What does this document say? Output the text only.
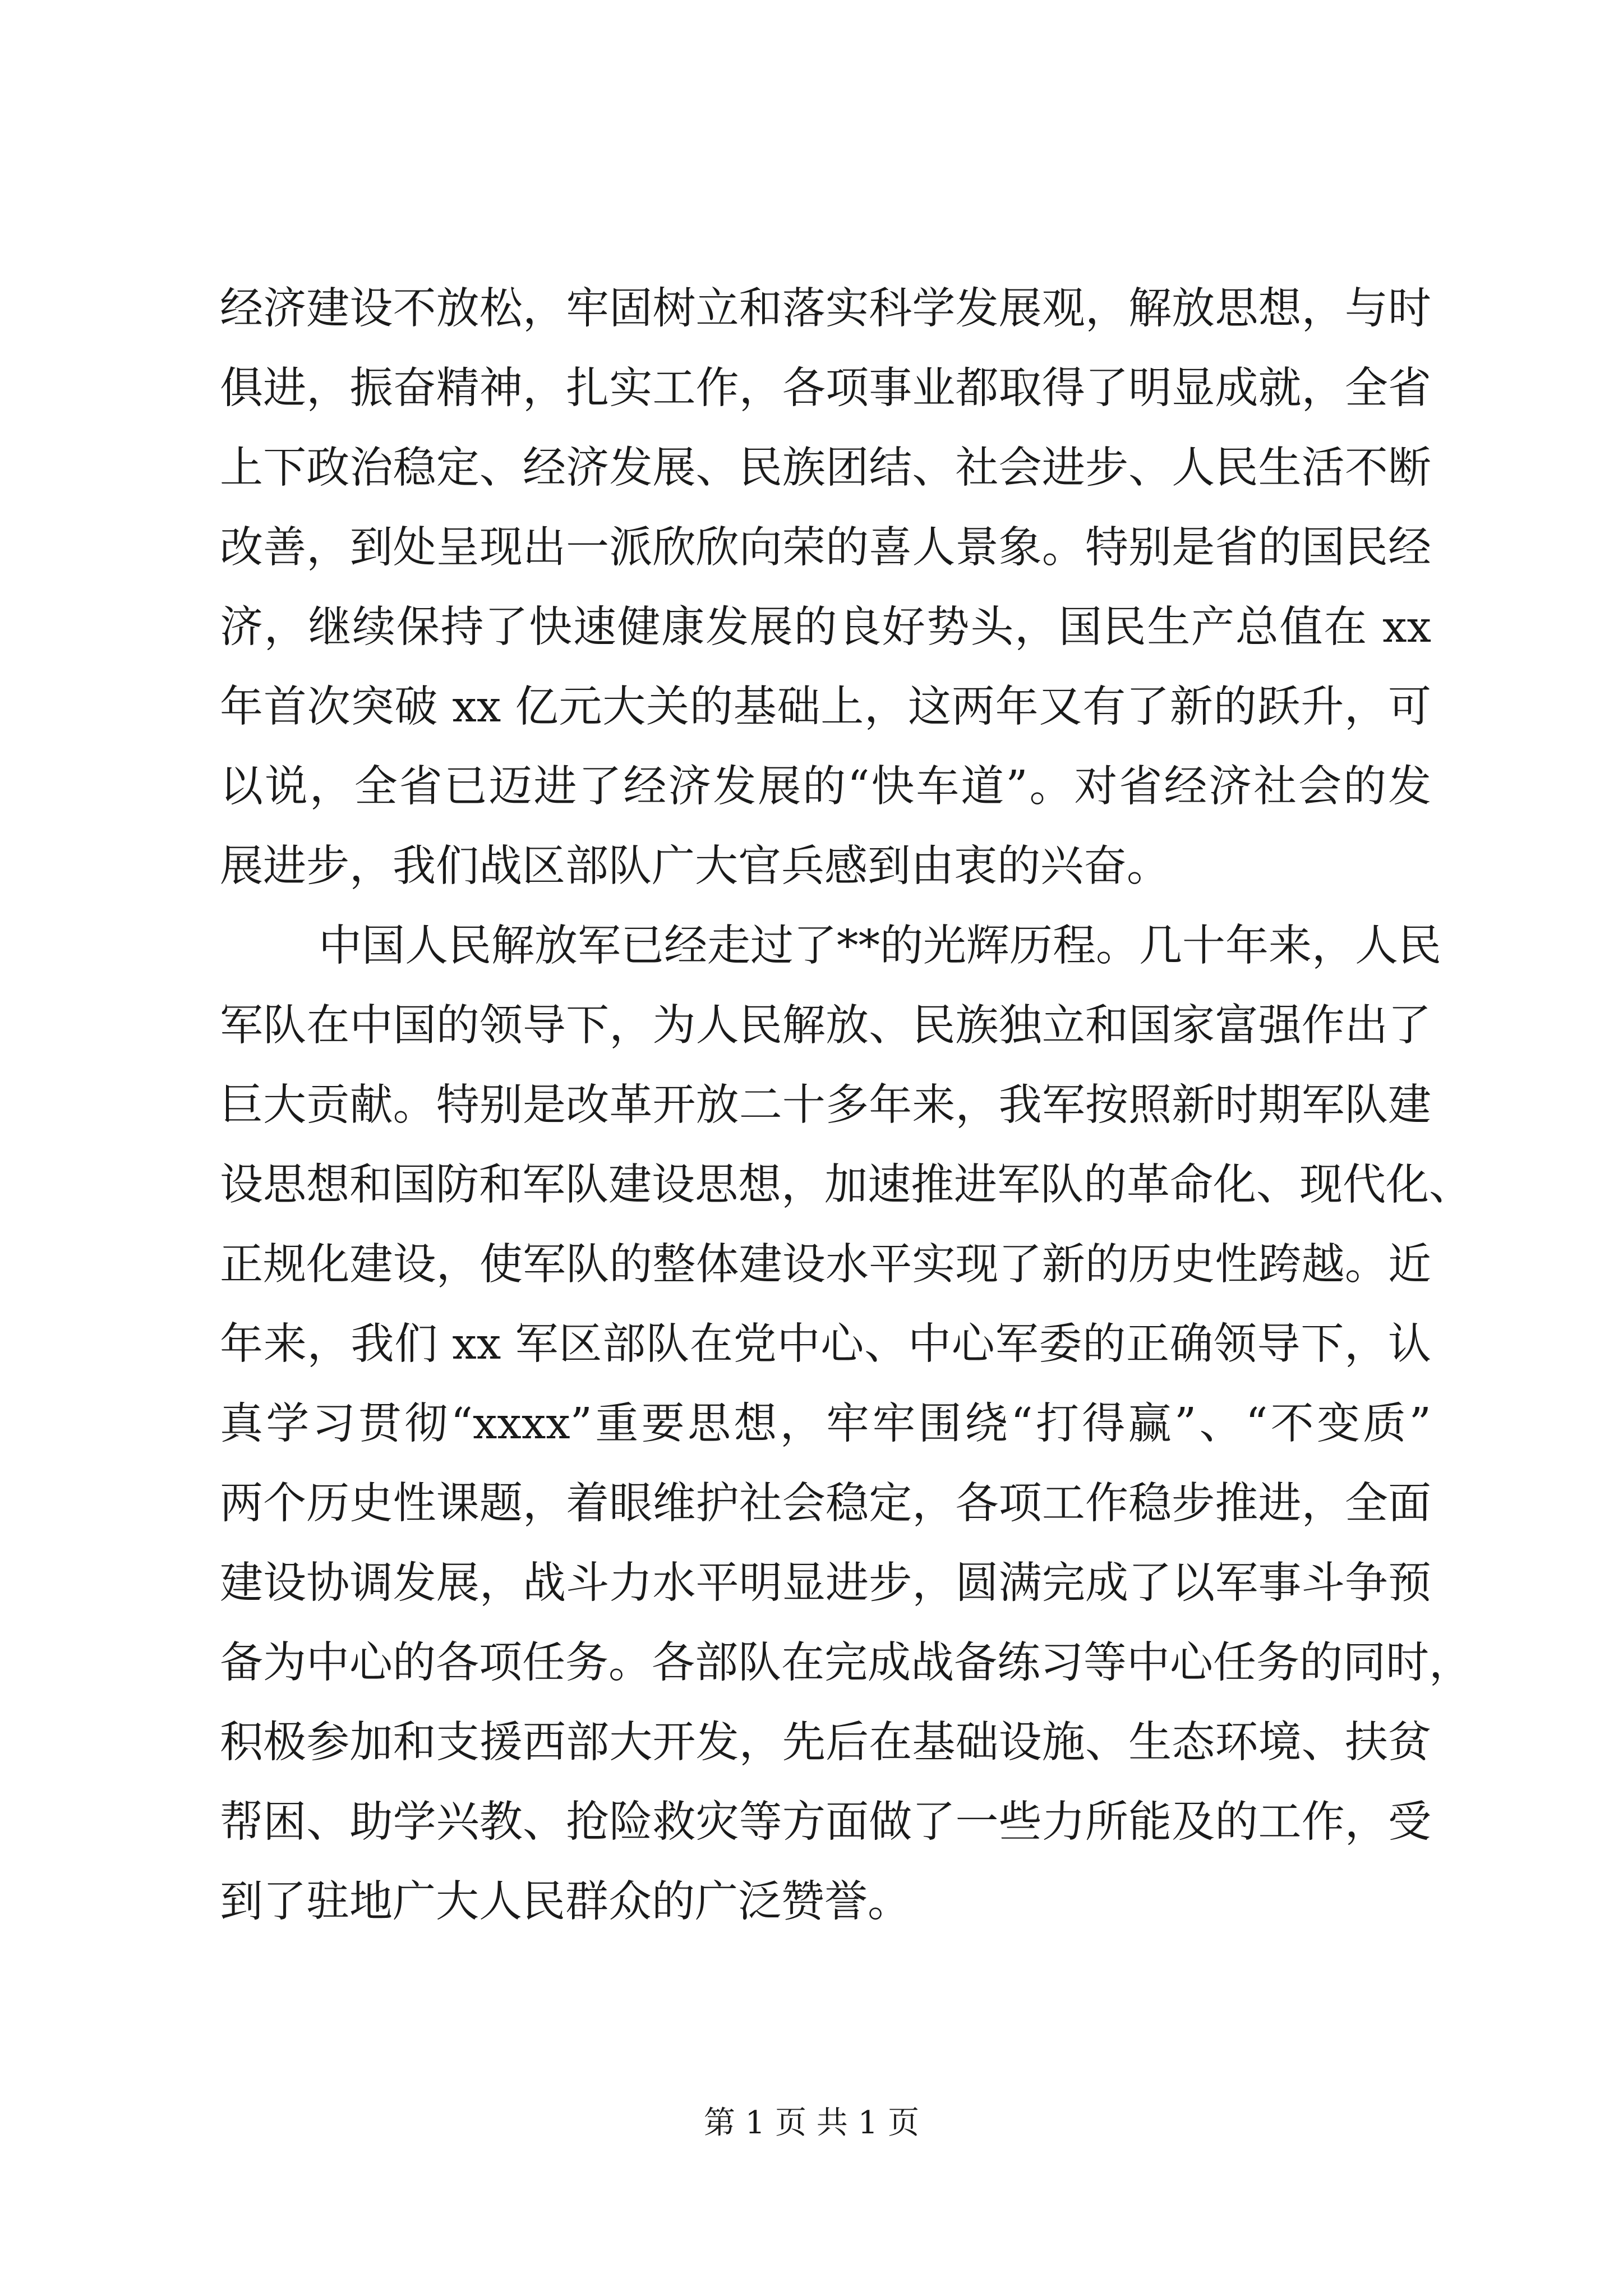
经济建设不放松，牢固树立和落实科学发展观，解放思想，与时
俱进，振奋精神，扎实工作，各项事业都取得了明显成就，全省
上下政治稳定、经济发展、民族团结、社会进步、人民生活不断
改善，到处呈现出一派欣欣向荣的喜人景象。特别是省的国民经
济，继续保持了快速健康发展的良好势头，国民生产总值在 xx
年首次突破 xx 亿元大关的基础上，这两年又有了新的跃升，可
以说，全省已迈进了经济发展的“快车道”。对省经济社会的发
展进步，我们战区部队广大官兵感到由衷的兴奋。
中国人民解放军已经走过了**的光辉历程。几十年来，人民
军队在中国的领导下，为人民解放、民族独立和国家富强作出了
巨大贡献。特别是改革开放二十多年来，我军按照新时期军队建
设思想和国防和军队建设思想，加速推进军队的革命化、现代化、
正规化建设，使军队的整体建设水平实现了新的历史性跨越。近
年来，我们 xx 军区部队在党中心、中心军委的正确领导下，认
真学习贯彻“xxxx”重要思想，牢牢围绕“打得赢”、“不变质”
两个历史性课题，着眼维护社会稳定，各项工作稳步推进，全面
建设协调发展，战斗力水平明显进步，圆满完成了以军事斗争预
备为中心的各项任务。各部队在完成战备练习等中心任务的同时，
积极参加和支援西部大开发，先后在基础设施、生态环境、扶贫
帮困、助学兴教、抢险救灾等方面做了一些力所能及的工作，受
到了驻地广大人民群众的广泛赞誉。
第 1 页 共 1 页
